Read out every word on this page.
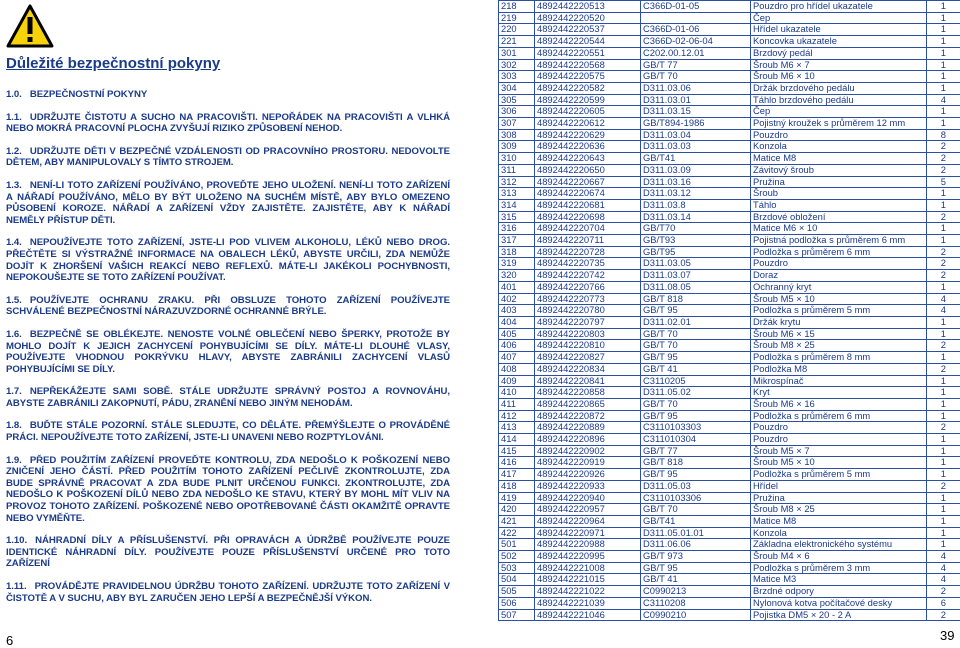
Důležité bezpečnostní pokyny

1.0. BEZPEČNOSTNÍ POKYNY

1.1. UDRŽUJTE ČISTOTU A SUCHO NA PRACOVIŠTI. NEPOŘÁDEK NA PRACOVIŠTI A VLHKÁ NEBO MOKRÁ PRACOVNÍ PLOCHA ZVYŠUJÍ RIZIKO ZPŮSOBENÍ NEHOD.

1.2. UDRŽUJTE DĚTI V BEZPEČNÉ VZDÁLENOSTI OD PRACOVNÍHO PROSTORU. NEDOVOLTE DĚTEM, ABY MANIPULOVALY S TÍMTO STROJEM.

1.3. NENÍ-LI TOTO ZAŘÍZENÍ POUŽÍVÁNO, PROVEĎTE JEHO ULOŽENÍ. NENÍ-LI TOTO ZAŘÍZENÍ A NÁŘADÍ POUŽÍVÁNO, MĚLO BY BÝT ULOŽENO NA SUCHÉM MÍSTĚ, ABY BYLO OMEZENO PŮSOBENÍ KOROZE. NÁŘADÍ A ZAŘÍZENÍ VŽDY ZAJISTĚTE. ZAJISTĚTE, ABY K NÁŘADÍ NEMĚLY PŘÍSTUP DĚTI.

1.4. NEPOUŽÍVEJTE TOTO ZAŘÍZENÍ, JSTE-LI POD VLIVEM ALKOHOLU, LÉKŮ NEBO DROG. PŘEČTĚTE SI VÝSTRAŽNÉ INFORMACE NA OBALECH LÉKŮ, ABYSTE URČILI, ZDA NEMŮŽE DOJÍT K ZHORŠENÍ VAŠICH REAKCÍ NEBO REFLEXŮ. MÁTE-LI JAKÉKOLI POCHYBNOSTI, NEPOKOUŠEJTE SE TOTO ZAŘÍZENÍ POUŽÍVAT.

1.5. POUŽÍVEJTE OCHRANU ZRAKU. PŘI OBSLUZE TOHOTO ZAŘÍZENÍ POUŽÍVEJTE SCHVÁLENÉ BEZPEČNOSTNÍ NÁRAZUVZDORNÉ OCHRANNÉ BRÝLE.

1.6. BEZPEČNĚ SE OBLÉKEJTE. NENOSTE VOLNÉ OBLEČENÍ NEBO ŠPERKY, PROTOŽE BY MOHLO DOJÍT K JEJICH ZACHYCENÍ POHYBUJÍCÍMI SE DÍLY. MÁTE-LI DLOUHÉ VLASY, POUŽÍVEJTE VHODNOU POKRÝVKU HLAVY, ABYSTE ZABRÁNILI ZACHYCENÍ VLASŮ POHYBUJÍCÍMI SE DÍLY.

1.7. NEPŘEKÁŽEJTE SAMI SOBĚ. STÁLE UDRŽUJTE SPRÁVNÝ POSTOJ A ROVNOVÁHU, ABYSTE ZABRÁNILI ZAKOPNUTÍ, PÁDU, ZRANĚNÍ NEBO JINÝM NEHODÁM.

1.8. BUĎTE STÁLE POZORNÍ. STÁLE SLEDUJTE, CO DĚLÁTE. PŘEMÝŠLEJTE O PROVÁDĚNÉ PRÁCI. NEPOUŽÍVEJTE TOTO ZAŘÍZENÍ, JSTE-LI UNAVENI NEBO ROZPTYLOVÁNI.

1.9. PŘED POUŽITÍM ZAŘÍZENÍ PROVEĎTE KONTROLU, ZDA NEDOŠLO K POŠKOZENÍ NEBO ZNIČENÍ JEHO ČÁSTÍ. PŘED POUŽITÍM TOHOTO ZAŘÍZENÍ PEČLIVĚ ZKONTROLUJTE, ZDA BUDE SPRÁVNĚ PRACOVAT A ZDA BUDE PLNIT URČENOU FUNKCI. ZKONTROLUJTE, ZDA NEDOŠLO K POŠKOZENÍ DÍLŮ NEBO ZDA NEDOŠLO KE STAVU, KTERÝ BY MOHL MÍT VLIV NA PROVOZ TOHOTO ZAŘÍZENÍ. POŠKOZENÉ NEBO OPOTŘEBOVANÉ ČÁSTI OKAMŽITĚ OPRAVTE NEBO VYMĚŇTE.

1.10. NÁHRADNÍ DÍLY A PŘÍSLUŠENSTVÍ. PŘI OPRAVÁCH A ÚDRŽBĚ POUŽÍVEJTE POUZE IDENTICKÉ NÁHRADNÍ DÍLY. POUŽÍVEJTE POUZE PŘÍSLUŠENSTVÍ URČENÉ PRO TOTO ZAŘÍZENÍ

1.11. PROVÁDĚJTE PRAVIDELNOU ÚDRŽBU TOHOTO ZAŘÍZENÍ. UDRŽUJTE TOTO ZAŘÍZENÍ V ČISTOTĚ A V SUCHU, ABY BYL ZARUČEN JEHO LEPŠÍ A BEZPEČNĚJŠÍ VÝKON.

6
218	4892442220513	C366D-01-05	Pouzdro pro hřídel ukazatele	1
219	4892442220520		Čep	1
220	4892442220537	C366D-01-06	Hřídel ukazatele	1
221	4892442220544	C366D-02-06-04	Koncovka ukazatele	1
301	4892442220551	C202.00.12.01	Brzdový pedál	1
302	4892442220568	GB/T 77	Šroub M6 × 7	1
303	4892442220575	GB/T 70	Šroub M6 × 10	1
304	4892442220582	D311.03.06	Držák brzdového pedálu	1
305	4892442220599	D311.03.01	Táhlo brzdového pedálu	4
306	4892442220605	D311.03.15	Čep	1
307	4892442220612	GB/T894-1986	Pojistný kroužek s průměrem 12 mm	1
308	4892442220629	D311.03.04	Pouzdro	8
309	4892442220636	D311.03.03	Konzola	2
310	4892442220643	GB/T41	Matice M8	2
311	4892442220650	D311.03.09	Závitový šroub	2
312	4892442220667	D311.03.16	Pružina	5
313	4892442220674	D311.03.12	Šroub	1
314	4892442220681	D311.03.8	Táhlo	1
315	4892442220698	D311.03.14	Brzdové obložení	2
316	4892442220704	GB/T70	Matice M6 × 10	1
317	4892442220711	GB/T93	Pojistná podložka s průměrem 6 mm	1
318	4892442220728	GB/T95	Podložka s průměrem 6 mm	2
319	4892442220735	D311.03.05	Pouzdro	2
320	4892442220742	D311.03.07	Doraz	2
401	4892442220766	D311.08.05	Ochranný kryt	1
402	4892442220773	GB/T 818	Šroub M5 × 10	4
403	4892442220780	GB/T 95	Podložka s průměrem 5 mm	4
404	4892442220797	D311.02.01	Držák krytu	1
405	4892442220803	GB/T 70	Šroub M6 × 15	1
406	4892442220810	GB/T 70	Šroub M8 × 25	2
407	4892442220827	GB/T 95	Podložka s průměrem 8 mm	1
408	4892442220834	GB/T 41	Podložka M8	2
409	4892442220841	C3110205	Mikrospínač	1
410	4892442220858	D311.05.02	Kryt	1
411	4892442220865	GB/T 70	Šroub M6 × 16	1
412	4892442220872	GB/T 95	Podložka s průměrem 6 mm	1
413	4892442220889	C3110103303	Pouzdro	2
414	4892442220896	C311010304	Pouzdro	1
415	4892442220902	GB/T 77	Šroub M5 × 7	1
416	4892442220919	GB/T 818	Šroub M5 × 10	1
417	4892442220926	GB/T 95	Podložka s průměrem 5 mm	1
418	4892442220933	D311.05.03	Hřídel	2
419	4892442220940	C3110103306	Pružina	1
420	4892442220957	GB/T 70	Šroub M8 × 25	1
421	4892442220964	GB/T41	Matice M8	1
422	4892442220971	D311.05.01.01	Konzola	1
501	4892442220988	D311.06.06	Základna elektronického systému	1
502	4892442220995	GB/T 973	Šroub M4 × 6	4
503	4892442221008	GB/T 95	Podložka s průměrem 3 mm	4
504	4892442221015	GB/T 41	Matice M3	4
505	4892442221022	C0990213	Brzdné odpory	2
506	4892442221039	C3110208	Nylonová kotva počítačové desky	6
507	4892442221046	C0990210	Pojistka DM5 × 20 - 2 A	2
39
